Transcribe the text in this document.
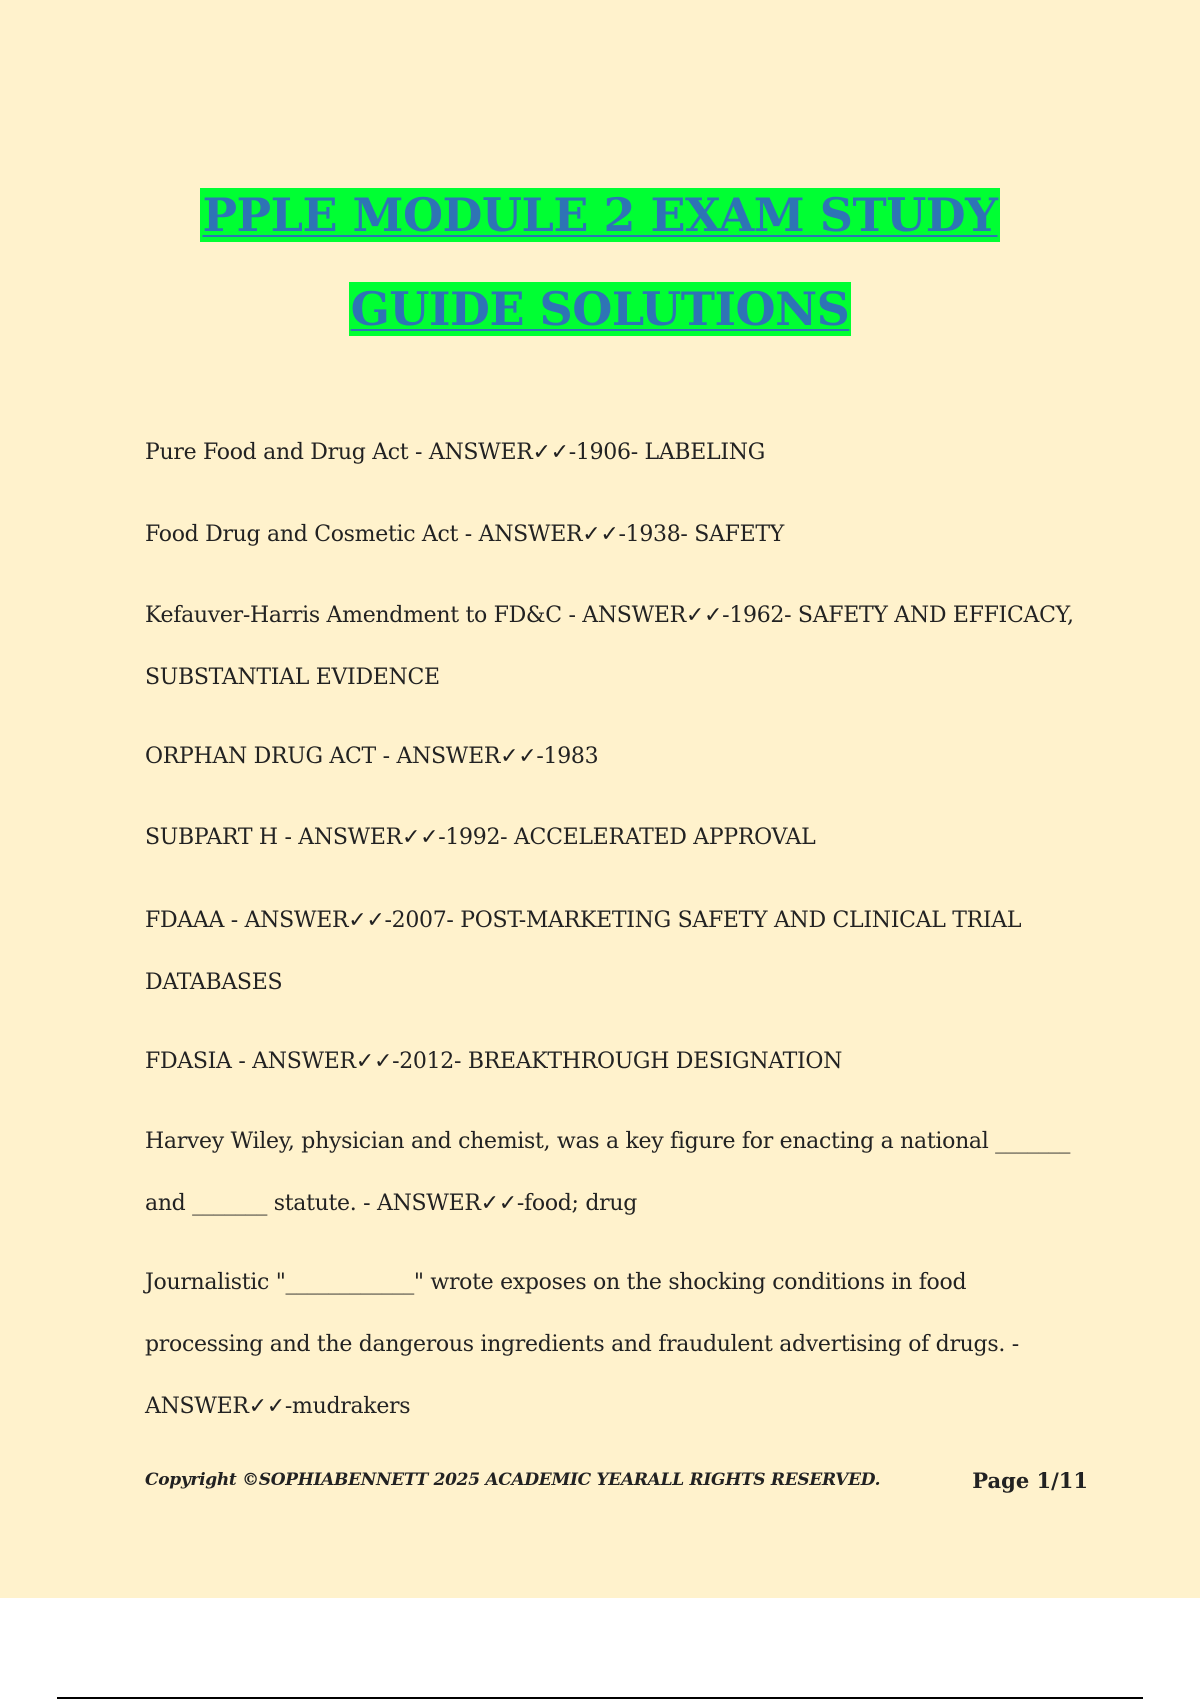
PPLE MODULE 2 EXAM STUDY
GUIDE SOLUTIONS
Pure Food and Drug Act - ANSWER✓✓-1906- LABELING
Food Drug and Cosmetic Act - ANSWER✓✓-1938- SAFETY
Kefauver-Harris Amendment to FD&C - ANSWER✓✓-1962- SAFETY AND EFFICACY, SUBSTANTIAL EVIDENCE
ORPHAN DRUG ACT - ANSWER✓✓-1983
SUBPART H - ANSWER✓✓-1992- ACCELERATED APPROVAL
FDAAA - ANSWER✓✓-2007- POST-MARKETING SAFETY AND CLINICAL TRIAL DATABASES
FDASIA - ANSWER✓✓-2012- BREAKTHROUGH DESIGNATION
Harvey Wiley, physician and chemist, was a key figure for enacting a national _______ and _______ statute. - ANSWER✓✓-food; drug
Journalistic "____________" wrote exposes on the shocking conditions in food processing and the dangerous ingredients and fraudulent advertising of drugs. - ANSWER✓✓-mudrakers
Copyright ©SOPHIABENNETT 2025 ACADEMIC YEARALL RIGHTS RESERVED.	Page 1/11
